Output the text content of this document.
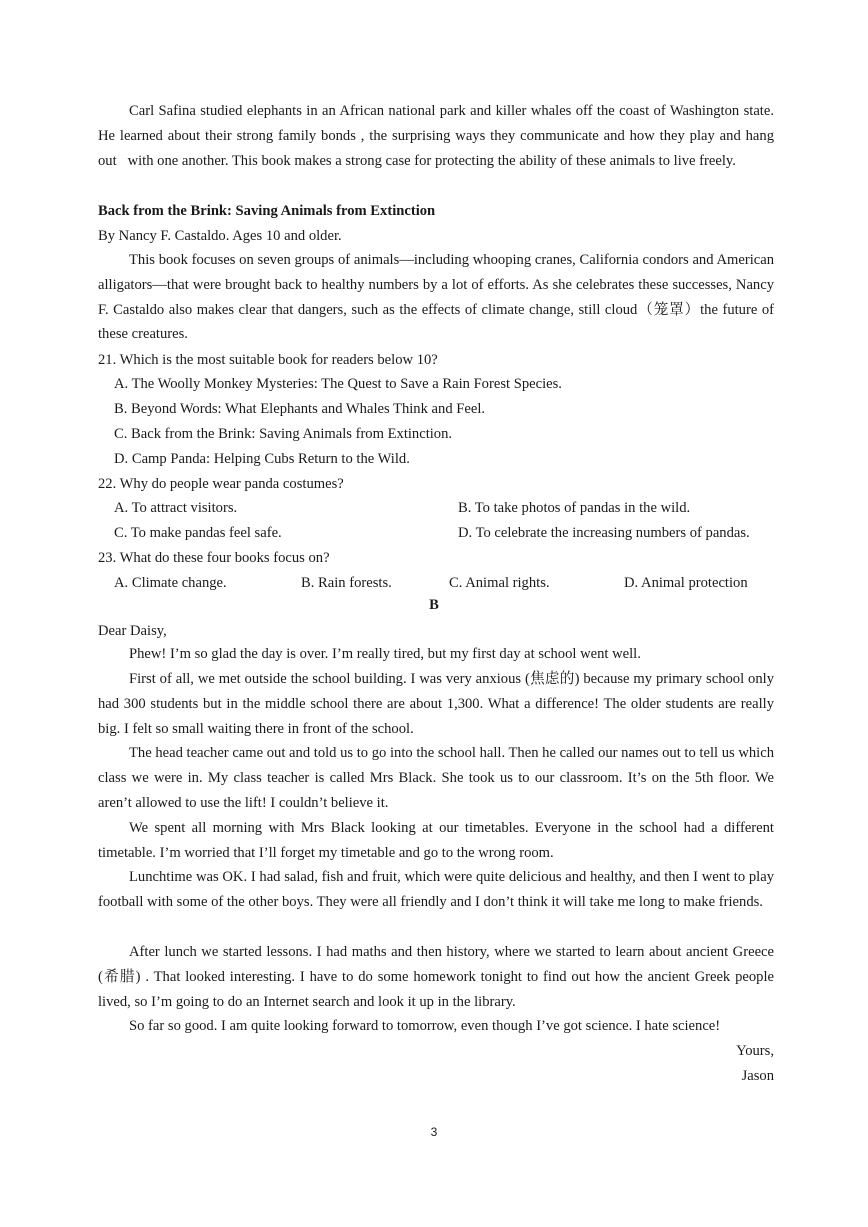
Carl Safina studied elephants in an African national park and killer whales off the coast of Washington state. He learned about their strong family bonds , the surprising ways they communicate and how they play and hang out   with one another. This book makes a strong case for protecting the ability of these animals to live freely.

Back from the Brink: Saving Animals from Extinction
By Nancy F. Castaldo. Ages 10 and older.

This book focuses on seven groups of animals—including whooping cranes, California condors and American alligators—that were brought back to healthy numbers by a lot of efforts. As she celebrates these successes, Nancy F. Castaldo also makes clear that dangers, such as the effects of climate change, still cloud（笼罩）the future of these creatures.

21. Which is the most suitable book for readers below 10?
A. The Woolly Monkey Mysteries: The Quest to Save a Rain Forest Species.
B. Beyond Words: What Elephants and Whales Think and Feel.
C. Back from the Brink: Saving Animals from Extinction.
D. Camp Panda: Helping Cubs Return to the Wild.
22. Why do people wear panda costumes?
A. To attract visitors.	B. To take photos of pandas in the wild.
C. To make pandas feel safe.	D. To celebrate the increasing numbers of pandas.
23. What do these four books focus on?
A. Climate change.	B. Rain forests.	C. Animal rights.	D. Animal protection
B
Dear Daisy,

Phew! I’m so glad the day is over. I’m really tired, but my first day at school went well.

First of all, we met outside the school building. I was very anxious (焦虑的) because my primary school only had 300 students but in the middle school there are about 1,300. What a difference! The older students are really big. I felt so small waiting there in front of the school.

The head teacher came out and told us to go into the school hall. Then he called our names out to tell us which class we were in. My class teacher is called Mrs Black. She took us to our classroom. It’s on the 5th floor. We aren’t allowed to use the lift! I couldn’t believe it.

We spent all morning with Mrs Black looking at our timetables. Everyone in the school had a different timetable. I’m worried that I’ll forget my timetable and go to the wrong room.

Lunchtime was OK. I had salad, fish and fruit, which were quite delicious and healthy, and then I went to play football with some of the other boys. They were all friendly and I don’t think it will take me long to make friends.

After lunch we started lessons. I had maths and then history, where we started to learn about ancient Greece (希腊) . That looked interesting. I have to do some homework tonight to find out how the ancient Greek people lived, so I’m going to do an Internet search and look it up in the library.

So far so good. I am quite looking forward to tomorrow, even though I’ve got science. I hate science!

Yours,
Jason
3
